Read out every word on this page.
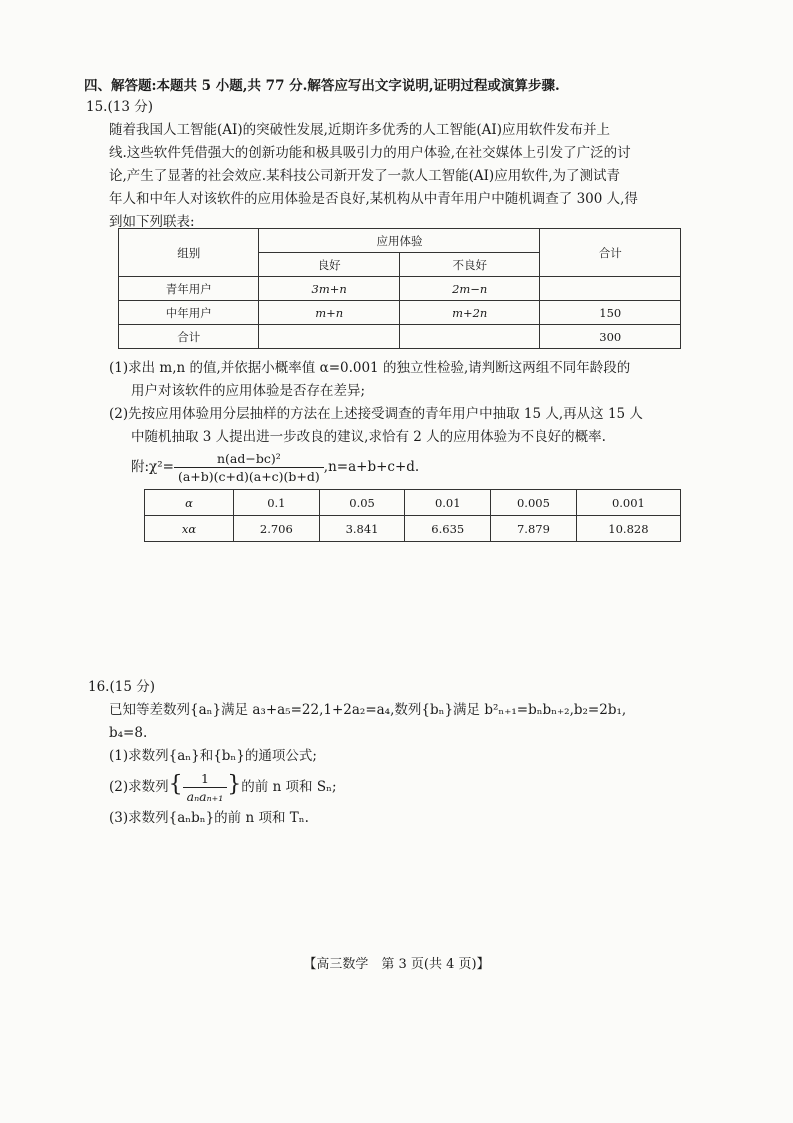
四、解答题:本题共 5 小题,共 77 分.解答应写出文字说明,证明过程或演算步骤.
15.(13 分)
随着我国人工智能(AI)的突破性发展,近期许多优秀的人工智能(AI)应用软件发布并上
线.这些软件凭借强大的创新功能和极具吸引力的用户体验,在社交媒体上引发了广泛的讨
论,产生了显著的社会效应.某科技公司新开发了一款人工智能(AI)应用软件,为了测试青
年人和中年人对该软件的应用体验是否良好,某机构从中青年用户中随机调查了 300 人,得
到如下列联表:
组别	应用体验		合计
	良好	不良好	
青年用户	3m+n	2m−n	
中年用户	m+n	m+2n	150
合计			300
(1)求出 m,n 的值,并依据小概率值 α=0.001 的独立性检验,请判断这两组不同年龄段的
用户对该软件的应用体验是否存在差异;
(2)先按应用体验用分层抽样的方法在上述接受调查的青年用户中抽取 15 人,再从这 15 人
中随机抽取 3 人提出进一步改良的建议,求恰有 2 人的应用体验为不良好的概率.
附:χ²= $\frac{\text{n(ad−bc)²}}{(a+b)(c+d)(a+c)(b+d)} ,n=a+b+c+d$.
α	0.1	0.05	0.01	0.005	0.001
xα	2.706	3.841	6.635	7.879	10.828
16.(15 分)
已知等差数列{aₙ}满足 a₃+a₅=22,1+2a₂=a₄,数列{bₙ}满足 b²ₙ₊₁=bₙbₙ₊₂,b₂=2b₁,
b₄=8.
(1)求数列{aₙ}和{bₙ}的通项公式;
(2)求数列{ $\frac{1}{\text{aₙaₙ₊₁}}$ }的前 n 项和 Sₙ;
(3)求数列{aₙbₙ}的前 n 项和 Tₙ.
【高三数学　第 3 页(共 4 页)】
